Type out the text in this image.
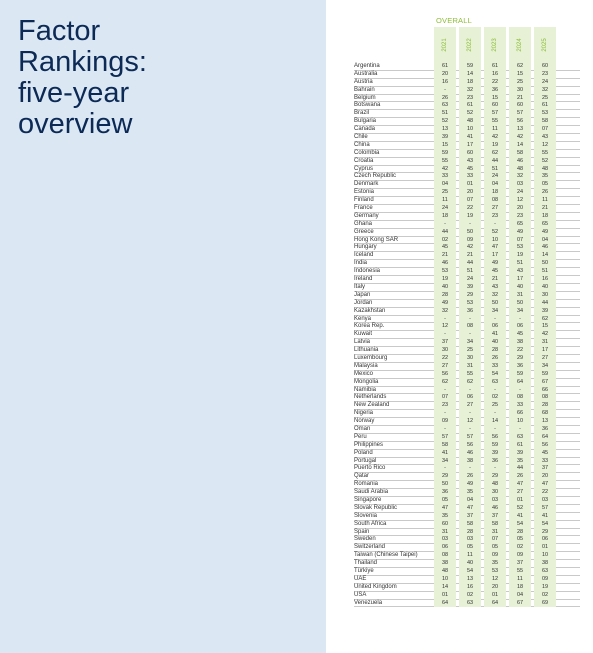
Factor
Rankings:
five-year
overview
OVERALL
2021	2022	2023	2024	2025
Argentina	61	59	61	62	60
Australia	20	14	16	15	23
Austria	16	18	22	25	24
Bahrain	-	32	36	30	32
Belgium	26	23	15	21	25
Botswana	63	61	60	60	61
Brazil	51	52	57	57	53
Bulgaria	52	48	55	56	58
Canada	13	10	11	13	07
Chile	39	41	42	42	43
China	15	17	19	14	12
Colombia	59	60	62	58	55
Croatia	55	43	44	46	52
Cyprus	42	45	51	48	48
Czech Republic	33	33	24	32	35
Denmark	04	01	04	03	05
Estonia	25	20	18	24	26
Finland	11	07	08	12	11
France	24	22	27	20	21
Germany	18	19	23	23	18
Ghana	-	-	-	65	65
Greece	44	50	52	49	49
Hong Kong SAR	02	09	10	07	04
Hungary	45	42	47	53	46
Iceland	21	21	17	19	14
India	46	44	49	51	50
Indonesia	53	51	45	43	51
Ireland	19	24	21	17	16
Italy	40	39	43	40	40
Japan	28	29	32	31	30
Jordan	49	53	50	50	44
Kazakhstan	32	36	34	34	39
Kenya	-	-	-	-	62
Korea Rep.	12	08	06	06	15
Kuwait	-	-	41	45	42
Latvia	37	34	40	38	31
Lithuania	30	25	28	22	17
Luxembourg	22	30	26	29	27
Malaysia	27	31	33	36	34
Mexico	56	55	54	59	59
Mongolia	62	62	63	64	67
Namibia	-	-	-	-	66
Netherlands	07	06	02	08	08
New Zealand	23	27	25	33	28
Nigeria	-	-	-	66	68
Norway	09	12	14	10	13
Oman	-	-	-	-	36
Peru	57	57	56	63	64
Philippines	58	56	59	61	56
Poland	41	46	39	39	45
Portugal	34	38	36	35	33
Puerto Rico	-	-	-	44	37
Qatar	29	26	29	26	20
Romania	50	49	48	47	47
Saudi Arabia	36	35	30	27	22
Singapore	05	04	03	01	03
Slovak Republic	47	47	46	52	57
Slovenia	35	37	37	41	41
South Africa	60	58	58	54	54
Spain	31	28	31	28	29
Sweden	03	03	07	05	06
Switzerland	06	05	05	02	01
Taiwan (Chinese Taipei)	08	11	09	09	10
Thailand	38	40	35	37	38
Türkiye	48	54	53	55	63
UAE	10	13	12	11	09
United Kingdom	14	16	20	18	19
USA	01	02	01	04	02
Venezuela	64	63	64	67	69
